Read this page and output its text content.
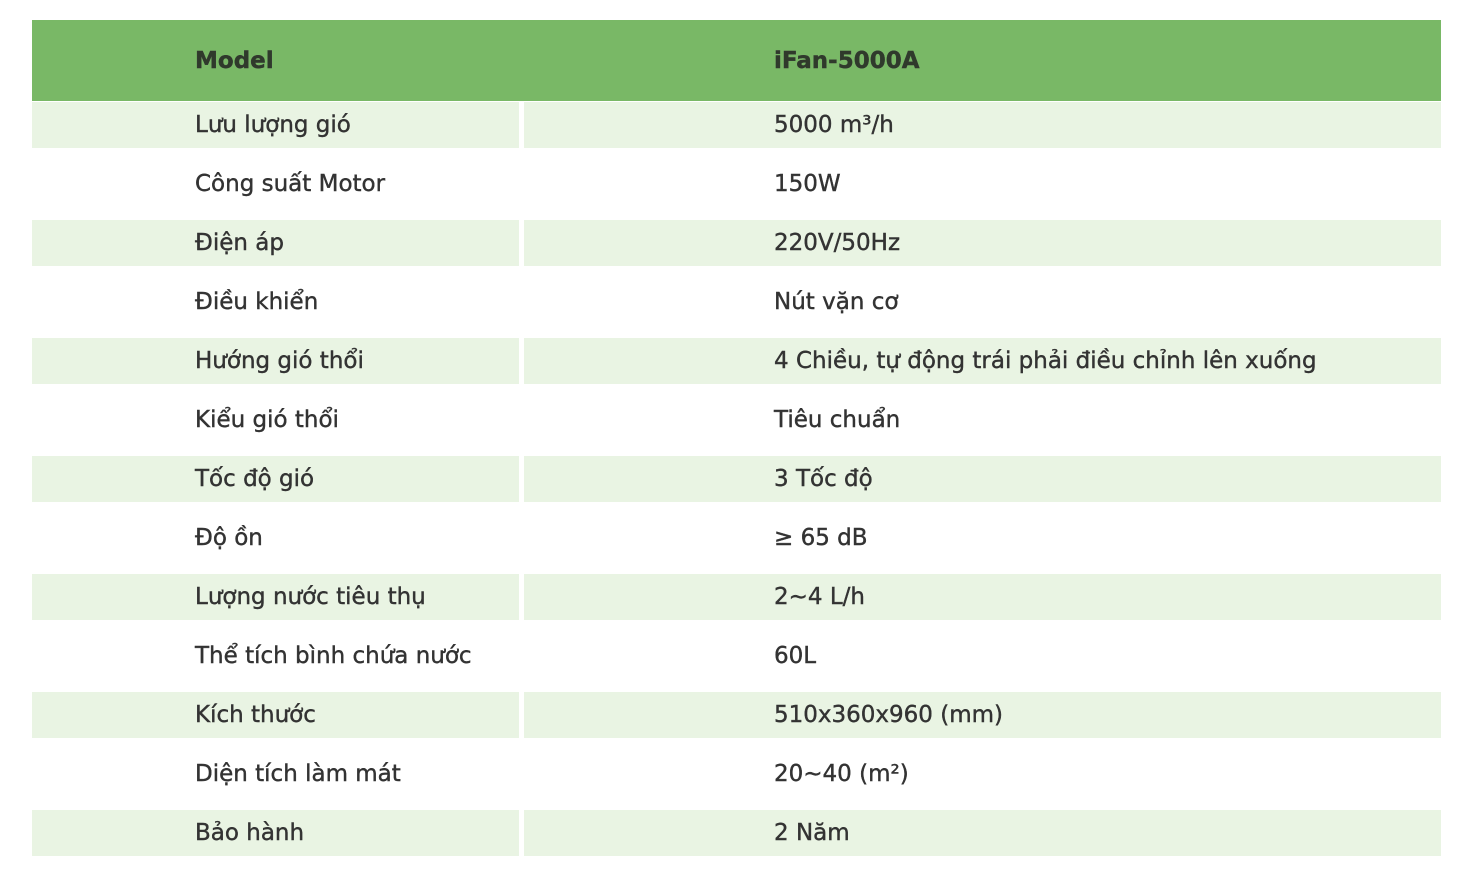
Model	iFan-5000A
Lưu lượng gió	5000 m³/h
Công suất Motor	150W
Điện áp	220V/50Hz
Điều khiển	Nút vặn cơ
Hướng gió thổi	4 Chiều, tự động trái phải điều chỉnh lên xuống
Kiểu gió thổi	Tiêu chuẩn
Tốc độ gió	3 Tốc độ
Độ ồn	≥ 65 dB
Lượng nước tiêu thụ	2~4 L/h
Thể tích bình chứa nước	60L
Kích thước	510x360x960 (mm)
Diện tích làm mát	20~40 (m²)
Bảo hành	2 Năm
